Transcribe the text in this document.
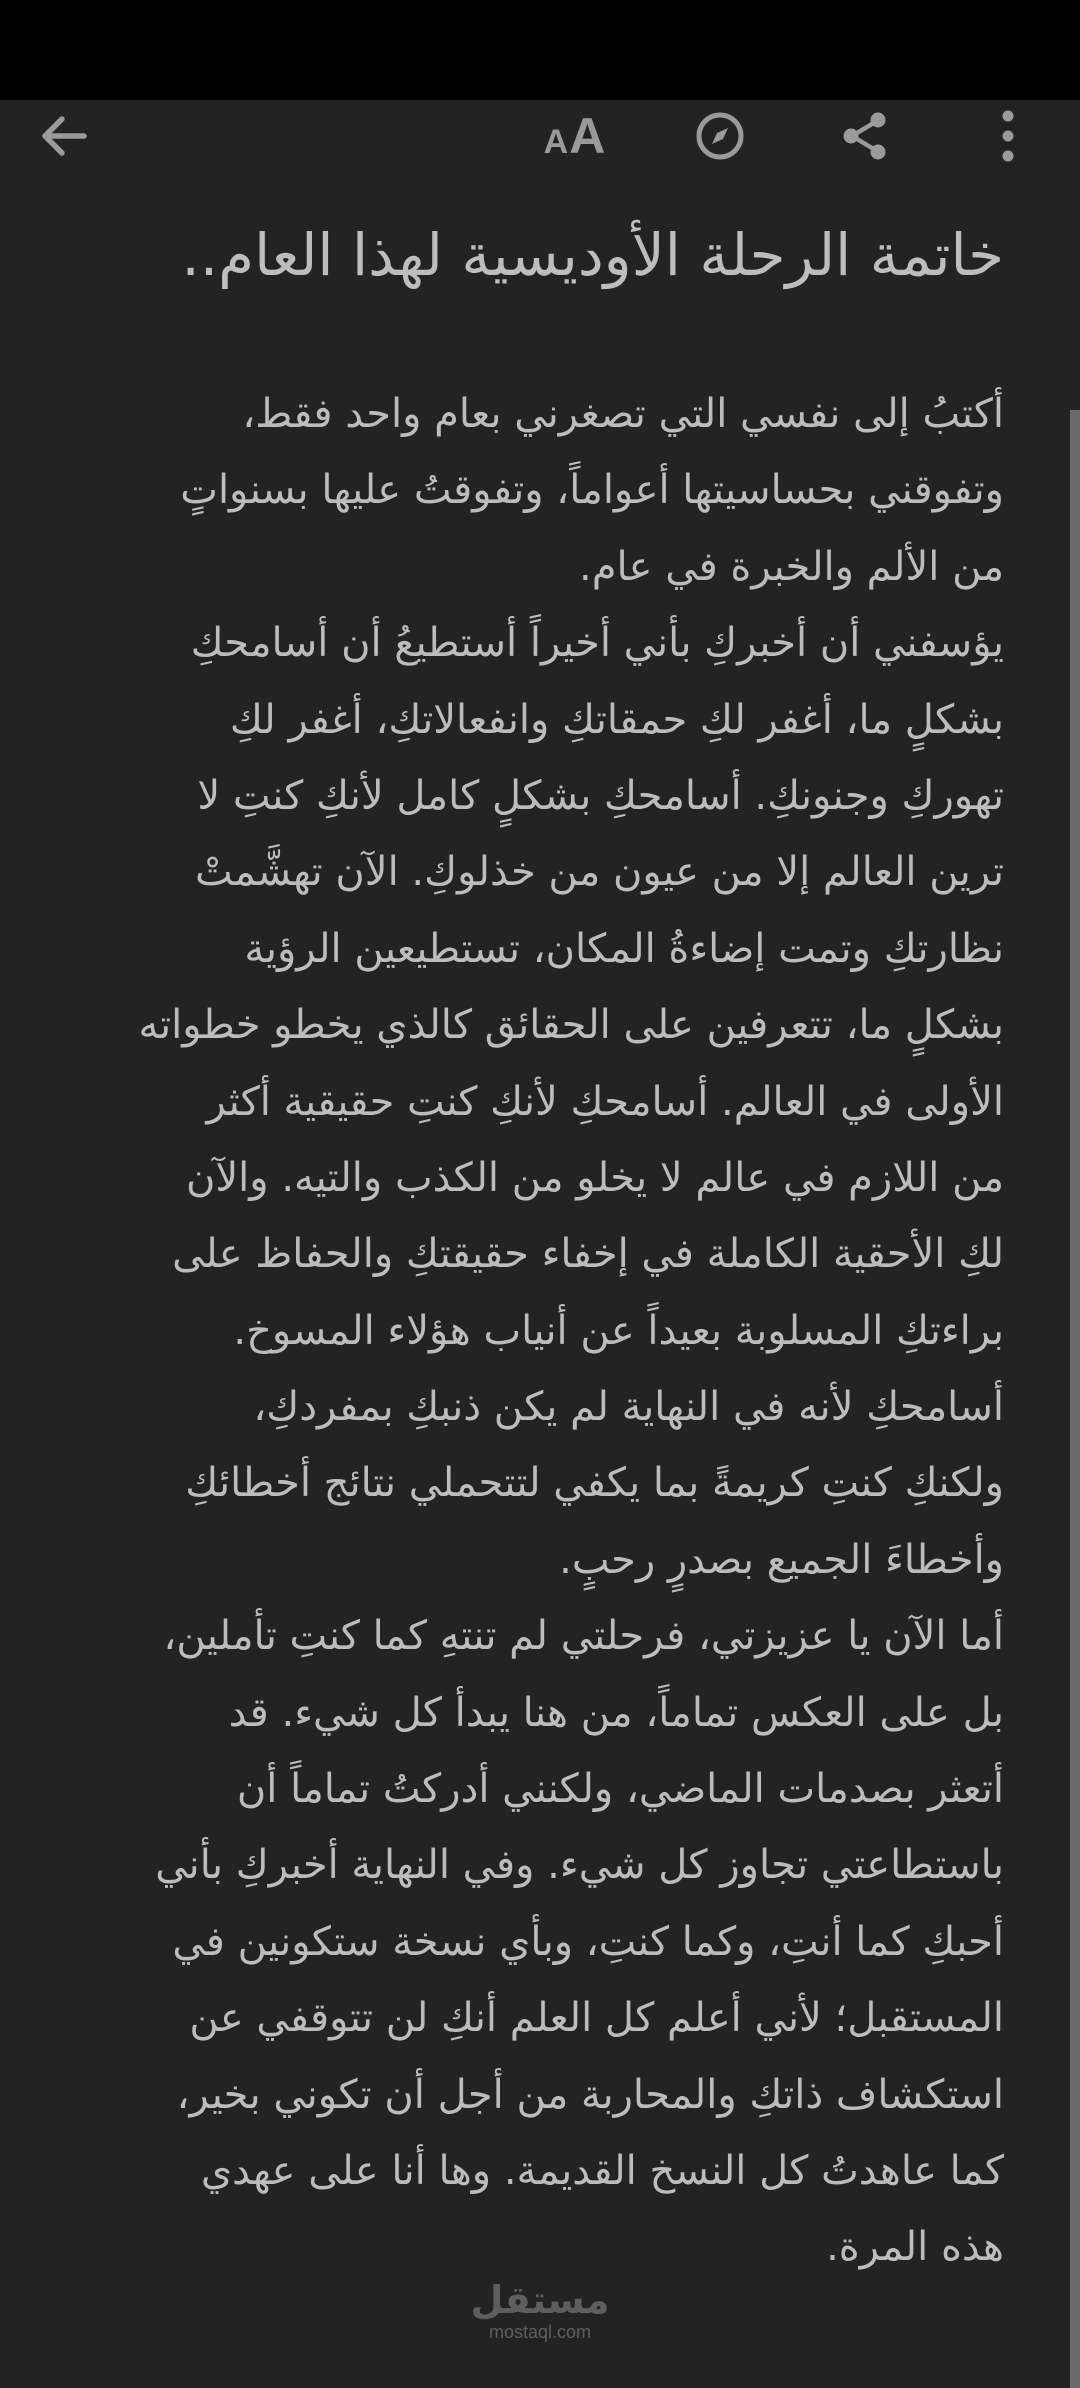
AA
خاتمة الرحلة الأوديسية لهذا العام..
أكتبُ إلى نفسي التي تصغرني بعام واحد فقط،
وتفوقني بحساسيتها أعواماً، وتفوقتُ عليها بسنواتٍ
من الألم والخبرة في عام.
يؤسفني أن أخبركِ بأني أخيراً أستطيعُ أن أسامحكِ
بشكلٍ ما، أغفر لكِ حمقاتكِ وانفعالاتكِ، أغفر لكِ
تهوركِ وجنونكِ. أسامحكِ بشكلٍ كامل لأنكِ كنتِ لا
ترين العالم إلا من عيون من خذلوكِ. الآن تهشَّمتْ
نظارتكِ وتمت إضاءةُ المكان، تستطيعين الرؤية
بشكلٍ ما، تتعرفين على الحقائق كالذي يخطو خطواته
الأولى في العالم. أسامحكِ لأنكِ كنتِ حقيقية أكثر
من اللازم في عالم لا يخلو من الكذب والتيه. والآن
لكِ الأحقية الكاملة في إخفاء حقيقتكِ والحفاظ على
براءتكِ المسلوبة بعيداً عن أنياب هؤلاء المسوخ.
أسامحكِ لأنه في النهاية لم يكن ذنبكِ بمفردكِ،
ولكنكِ كنتِ كريمةً بما يكفي لتتحملي نتائج أخطائكِ
وأخطاءَ الجميع بصدرٍ رحبٍ.
أما الآن يا عزيزتي، فرحلتي لم تنتهِ كما كنتِ تأملين،
بل على العكس تماماً، من هنا يبدأ كل شيء. قد
أتعثر بصدمات الماضي، ولكنني أدركتُ تماماً أن
باستطاعتي تجاوز كل شيء. وفي النهاية أخبركِ بأني
أحبكِ كما أنتِ، وكما كنتِ، وبأي نسخة ستكونين في
المستقبل؛ لأني أعلم كل العلم أنكِ لن تتوقفي عن
استكشاف ذاتكِ والمحاربة من أجل أن تكوني بخير،
كما عاهدتُ كل النسخ القديمة. وها أنا على عهدي
هذه المرة.
مستقل
mostaql.com
